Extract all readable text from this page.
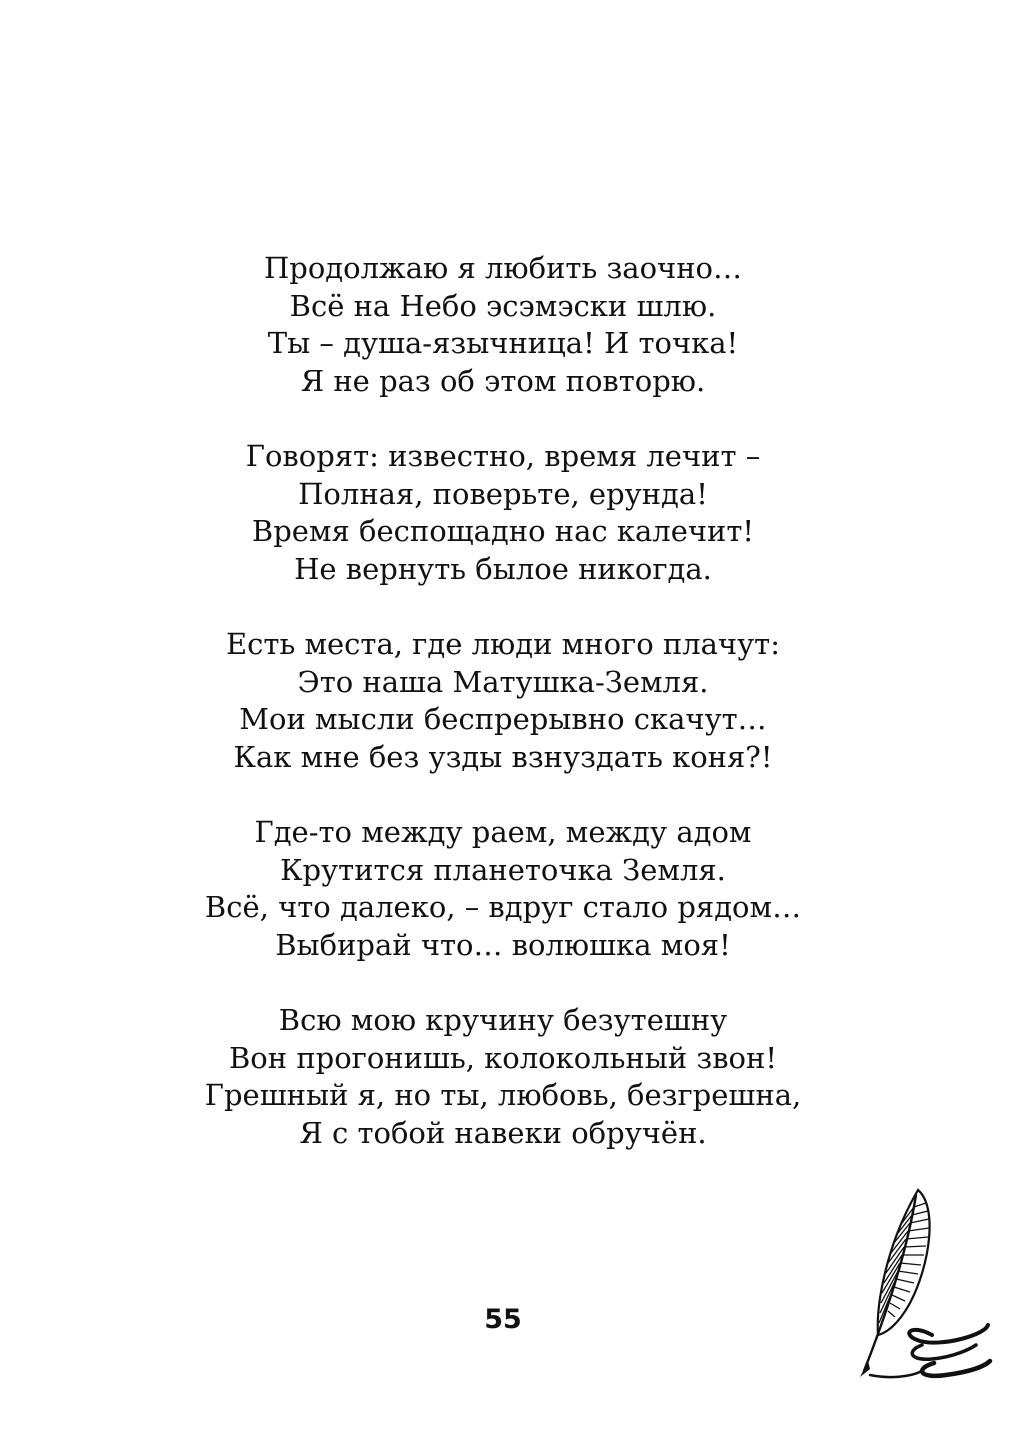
Продолжаю я любить заочно…
Всё на Небо эсэмэски шлю.
Ты – душа-язычница! И точка!
Я не раз об этом повторю.
Говорят: известно, время лечит –
Полная, поверьте, ерунда!
Время беспощадно нас калечит!
Не вернуть былое никогда.
Есть места, где люди много плачут:
Это наша Матушка-Земля.
Мои мысли беспрерывно скачут…
Как мне без узды взнуздать коня?!
Где-то между раем, между адом
Крутится планеточка Земля.
Всё, что далеко, – вдруг стало рядом…
Выбирай что… волюшка моя!
Всю мою кручину безутешну
Вон прогонишь, колокольный звон!
Грешный я, но ты, любовь, безгрешна,
Я с тобой навеки обручён.
55
